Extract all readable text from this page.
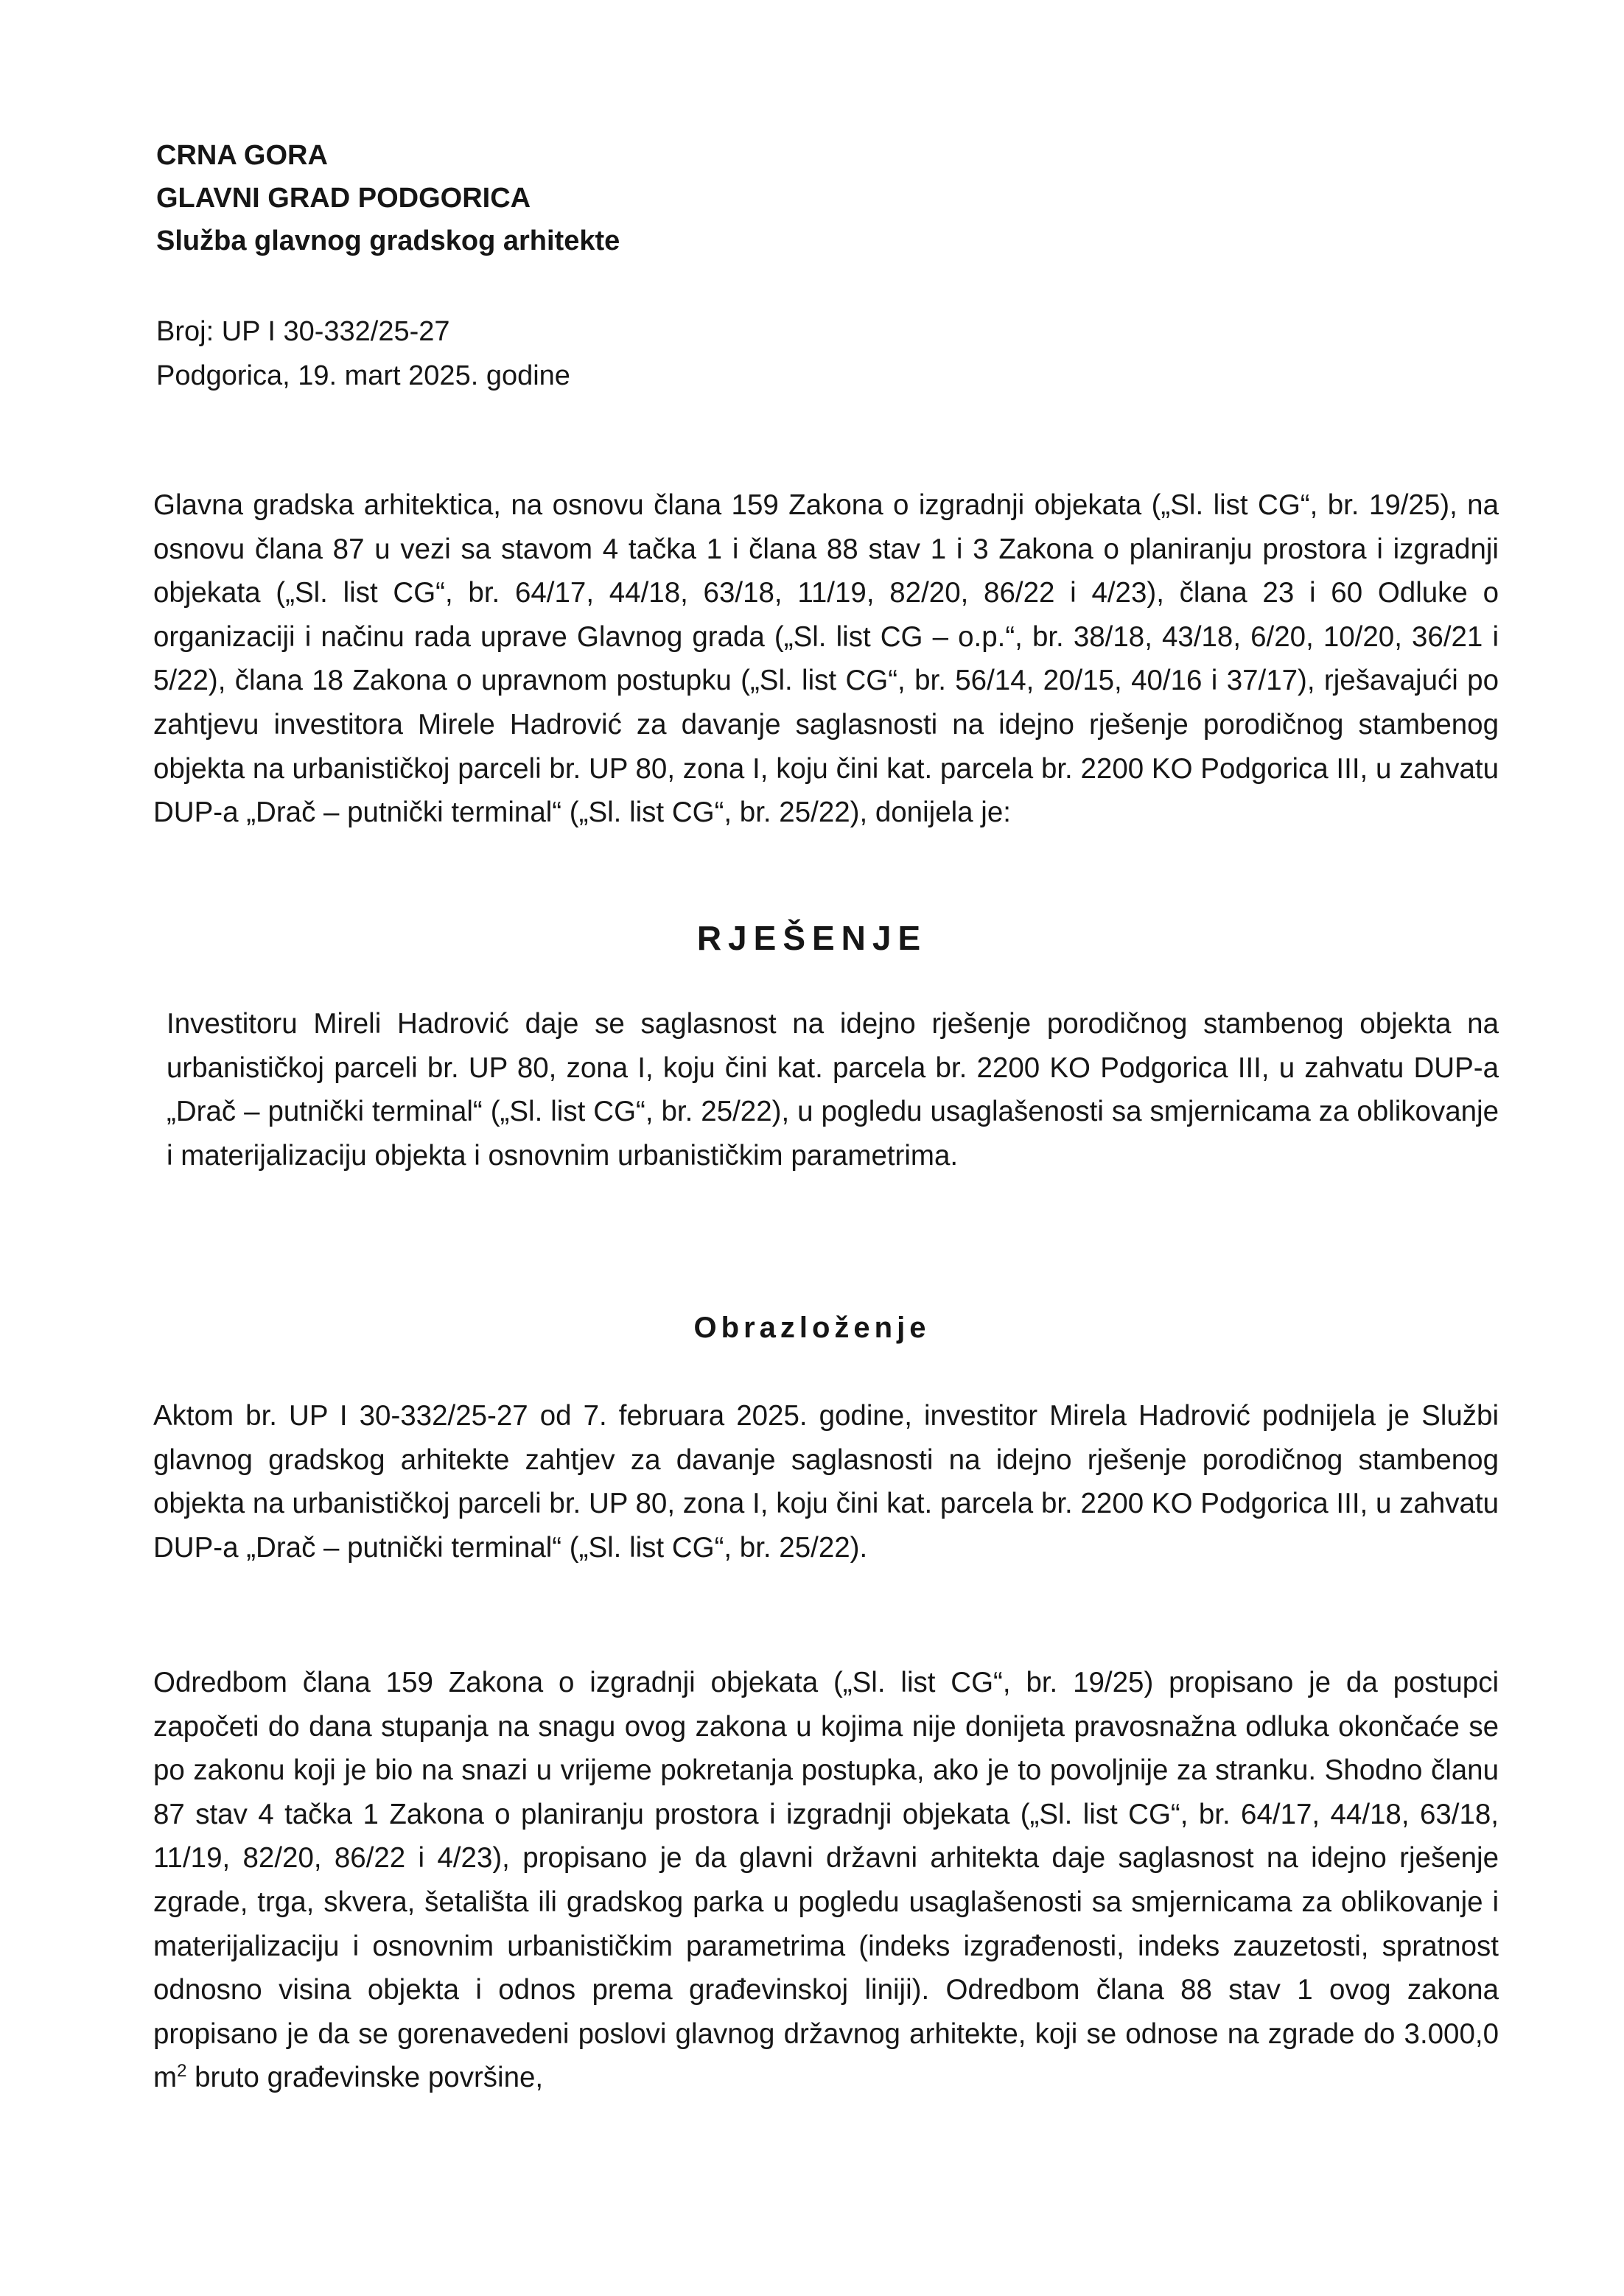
CRNA GORA
GLAVNI GRAD PODGORICA
Služba glavnog gradskog arhitekte
Broj: UP I 30-332/25-27
Podgorica, 19. mart 2025. godine

Glavna gradska arhitektica, na osnovu člana 159 Zakona o izgradnji objekata („Sl. list CG“, br. 19/25), na osnovu člana 87 u vezi sa stavom 4 tačka 1 i člana 88 stav 1 i 3 Zakona o planiranju prostora i izgradnji objekata („Sl. list CG“, br. 64/17, 44/18, 63/18, 11/19, 82/20, 86/22 i 4/23), člana 23 i 60 Odluke o organizaciji i načinu rada uprave Glavnog grada („Sl. list CG – o.p.“, br. 38/18, 43/18, 6/20, 10/20, 36/21 i 5/22), člana 18 Zakona o upravnom postupku („Sl. list CG“, br. 56/14, 20/15, 40/16 i 37/17), rješavajući po zahtjevu investitora Mirele Hadrović za davanje saglasnosti na idejno rješenje porodičnog stambenog objekta na urbanističkoj parceli br. UP 80, zona I, koju čini kat. parcela br. 2200 KO Podgorica III, u zahvatu DUP-a „Drač – putnički terminal“ („Sl. list CG“, br. 25/22), donijela je:

RJEŠENJE

Investitoru Mireli Hadrović daje se saglasnost na idejno rješenje porodičnog stambenog objekta na urbanističkoj parceli br. UP 80, zona I, koju čini kat. parcela br. 2200 KO Podgorica III, u zahvatu DUP-a „Drač – putnički terminal“ („Sl. list CG“, br. 25/22), u pogledu usaglašenosti sa smjernicama za oblikovanje i materijalizaciju objekta i osnovnim urbanističkim parametrima.

Obrazloženje

Aktom br. UP I 30-332/25-27 od 7. februara 2025. godine, investitor Mirela Hadrović podnijela je Službi glavnog gradskog arhitekte zahtjev za davanje saglasnosti na idejno rješenje porodičnog stambenog objekta na urbanističkoj parceli br. UP 80, zona I, koju čini kat. parcela br. 2200 KO Podgorica III, u zahvatu DUP-a „Drač – putnički terminal“ („Sl. list CG“, br. 25/22).

Odredbom člana 159 Zakona o izgradnji objekata („Sl. list CG“, br. 19/25) propisano je da postupci započeti do dana stupanja na snagu ovog zakona u kojima nije donijeta pravosnažna odluka okončaće se po zakonu koji je bio na snazi u vrijeme pokretanja postupka, ako je to povoljnije za stranku. Shodno članu 87 stav 4 tačka 1 Zakona o planiranju prostora i izgradnji objekata („Sl. list CG“, br. 64/17, 44/18, 63/18, 11/19, 82/20, 86/22 i 4/23), propisano je da glavni državni arhitekta daje saglasnost na idejno rješenje zgrade, trga, skvera, šetališta ili gradskog parka u pogledu usaglašenosti sa smjernicama za oblikovanje i materijalizaciju i osnovnim urbanističkim parametrima (indeks izgrađenosti, indeks zauzetosti, spratnost odnosno visina objekta i odnos prema građevinskoj liniji). Odredbom člana 88 stav 1 ovog zakona propisano je da se gorenavedeni poslovi glavnog državnog arhitekte, koji se odnose na zgrade do 3.000,0 $m^2$ bruto građevinske površine,
